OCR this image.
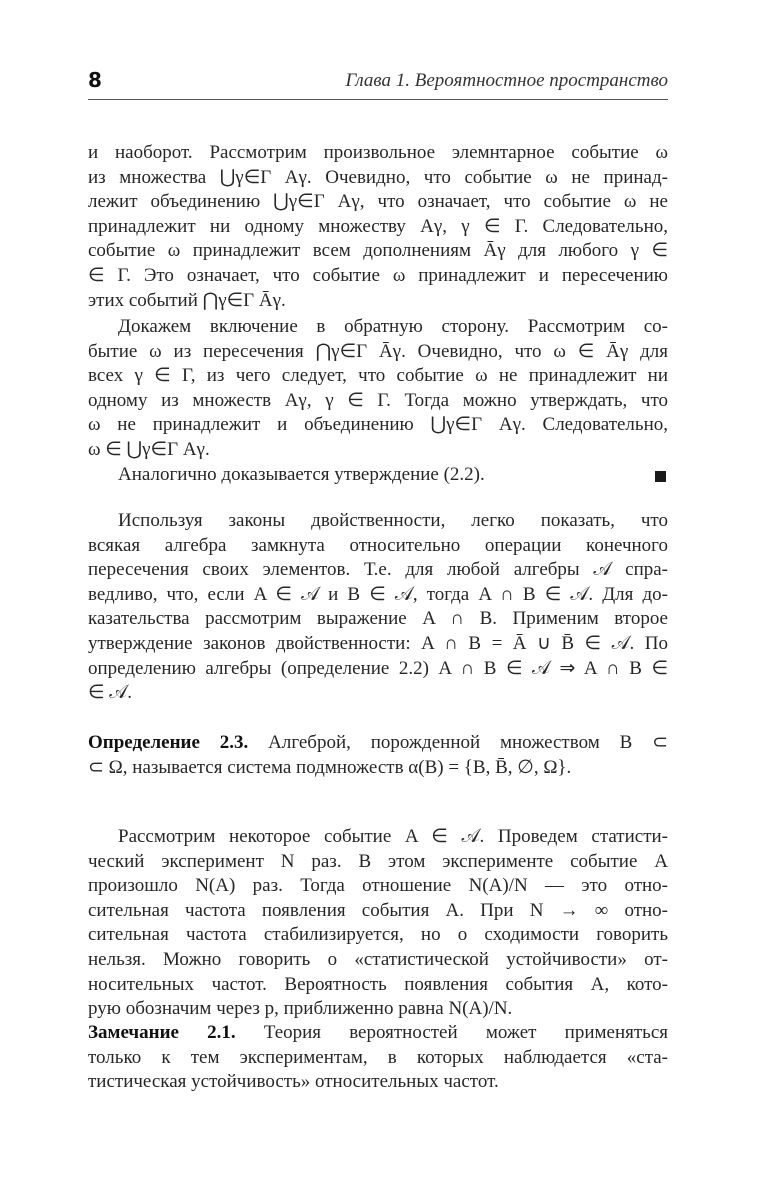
8	Глава 1. Вероятностное пространство
и наоборот. Рассмотрим произвольное элемнтарное событие ω
из множества ⋃γ∈Γ Aγ. Очевидно, что событие ω не принад-
лежит объединению ⋃γ∈Γ Aγ, что означает, что событие ω не
принадлежит ни одному множеству Aγ, γ ∈ Γ. Следовательно,
событие ω принадлежит всем дополнениям Āγ для любого γ ∈
∈ Γ. Это означает, что событие ω принадлежит и пересечению
этих событий ⋂γ∈Γ Āγ.
Докажем включение в обратную сторону. Рассмотрим со-
бытие ω из пересечения ⋂γ∈Γ Āγ. Очевидно, что ω ∈ Āγ для
всех γ ∈ Γ, из чего следует, что событие ω не принадлежит ни
одному из множеств Aγ, γ ∈ Γ. Тогда можно утверждать, что
ω не принадлежит и объединению ⋃γ∈Γ Aγ. Следовательно,
ω ∈ ⋃γ∈Γ Aγ.
Аналогично доказывается утверждение (2.2).
Используя законы двойственности, легко показать, что
всякая алгебра замкнута относительно операции конечного
пересечения своих элементов. Т.е. для любой алгебры 𝒜 спра-
ведливо, что, если A ∈ 𝒜 и B ∈ 𝒜, тогда A ∩ B ∈ 𝒜. Для до-
казательства рассмотрим выражение A ∩ B. Применим второе
утверждение законов двойственности: A ∩ B = Ā ∪ B̄ ∈ 𝒜. По
определению алгебры (определение 2.2) A ∩ B ∈ 𝒜 ⇒ A ∩ B ∈
∈ 𝒜.
Определение 2.3. Алгеброй, порожденной множеством B ⊂
⊂ Ω, называется система подмножеств α(B) = {B, B̄, ∅, Ω}.
Рассмотрим некоторое событие A ∈ 𝒜. Проведем статисти-
ческий эксперимент N раз. В этом эксперименте событие A
произошло N(A) раз. Тогда отношение N(A)/N — это отно-
сительная частота появления события A. При N → ∞ отно-
сительная частота стабилизируется, но о сходимости говорить
нельзя. Можно говорить о «статистической устойчивости» от-
носительных частот. Вероятность появления события A, кото-
рую обозначим через p, приближенно равна N(A)/N.
Замечание 2.1. Теория вероятностей может применяться
только к тем экспериментам, в которых наблюдается «ста-
тистическая устойчивость» относительных частот.
